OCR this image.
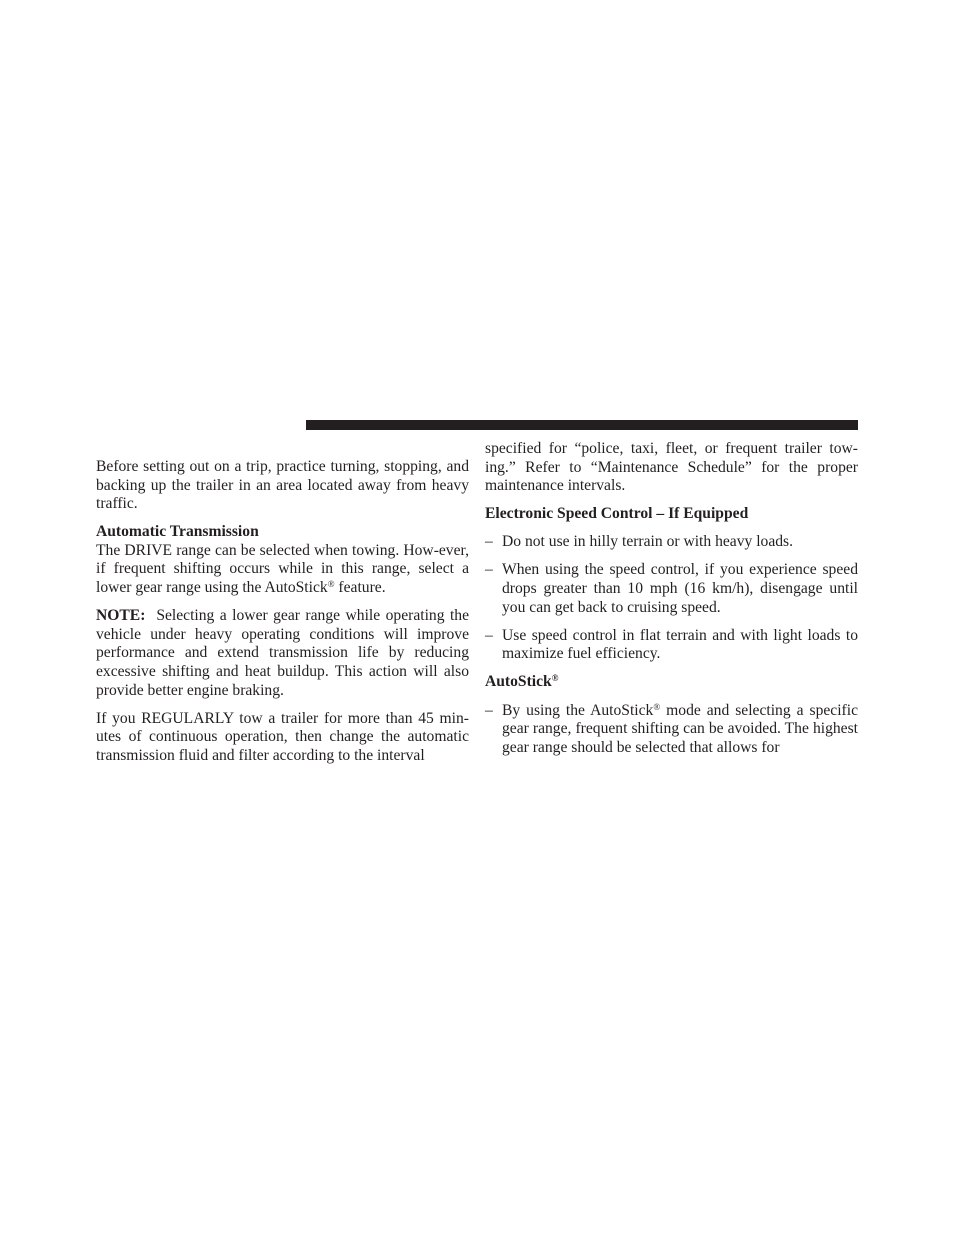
Before setting out on a trip, practice turning, stopping, and backing up the trailer in an area located away from heavy traffic.

Automatic Transmission

The DRIVE range can be selected when towing. How-ever, if frequent shifting occurs while in this range, select a lower gear range using the AutoStick® feature.

NOTE: Selecting a lower gear range while operating the vehicle under heavy operating conditions will improve performance and extend transmission life by reducing excessive shifting and heat buildup. This action will also provide better engine braking.

If you REGULARLY tow a trailer for more than 45 min-utes of continuous operation, then change the automatic transmission fluid and filter according to the interval

specified for “police, taxi, fleet, or frequent trailer tow-ing.” Refer to “Maintenance Schedule” for the proper maintenance intervals.

Electronic Speed Control – If Equipped
– Do not use in hilly terrain or with heavy loads.
– When using the speed control, if you experience speed drops greater than 10 mph (16 km/h), disengage until you can get back to cruising speed.
– Use speed control in flat terrain and with light loads to maximize fuel efficiency.
AutoStick®
– By using the AutoStick® mode and selecting a specific gear range, frequent shifting can be avoided. The highest gear range should be selected that allows for
